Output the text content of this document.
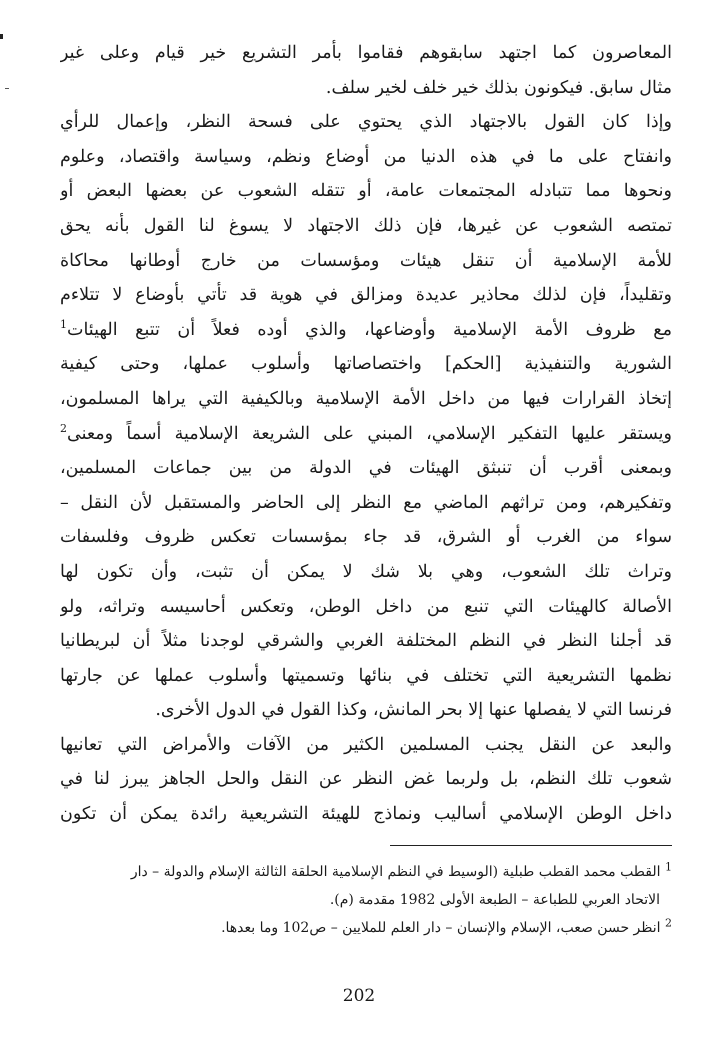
المعاصرون كما اجتهد سابقوهم فقاموا بأمر التشريع خير قيام وعلى غير
مثال سابق. فيكونون بذلك خير خلف لخير سلف.
وإذا كان القول بالاجتهاد الذي يحتوي على فسحة النظر، وإعمال للرأي
وانفتاح على ما في هذه الدنيا من أوضاع ونظم، وسياسة واقتصاد، وعلوم
ونحوها مما تتبادله المجتمعات عامة، أو تتقله الشعوب عن بعضها البعض أو
تمتصه الشعوب عن غيرها، فإن ذلك الاجتهاد لا يسوغ لنا القول بأنه يحق
للأمة الإسلامية أن تنقل هيئات ومؤسسات من خارج أوطانها محاكاة
وتقليداً، فإن لذلك محاذير عديدة ومزالق في هوية قد تأتي بأوضاع لا تتلاءم
مع ظروف الأمة الإسلامية وأوضاعها، والذي أوده فعلاً أن تتبع الهيئات$^1$
الشورية والتنفيذية [الحكم] واختصاصاتها وأسلوب عملها، وحتى كيفية
إتخاذ القرارات فيها من داخل الأمة الإسلامية وبالكيفية التي يراها المسلمون،
ويستقر عليها التفكير الإسلامي، المبني على الشريعة الإسلامية أسماً ومعنى$^2$
وبمعنى أقرب أن تنبثق الهيئات في الدولة من بين جماعات المسلمين،
وتفكيرهم، ومن تراثهم الماضي مع النظر إلى الحاضر والمستقبل لأن النقل –
سواء من الغرب أو الشرق، قد جاء بمؤسسات تعكس ظروف وفلسفات
وتراث تلك الشعوب، وهي بلا شك لا يمكن أن تثبت، وأن تكون لها
الأصالة كالهيئات التي تنبع من داخل الوطن، وتعكس أحاسيسه وتراثه، ولو
قد أجلنا النظر في النظم المختلفة الغربي والشرقي لوجدنا مثلاً أن لبريطانيا
نظمها التشريعية التي تختلف في بنائها وتسميتها وأسلوب عملها عن جارتها
فرنسا التي لا يفصلها عنها إلا بحر المانش، وكذا القول في الدول الأخرى.
والبعد عن النقل يجنب المسلمين الكثير من الآفات والأمراض التي تعانيها
شعوب تلك النظم، بل ولربما غض النظر عن النقل والحل الجاهز يبرز لنا في
داخل الوطن الإسلامي أساليب ونماذج للهيئة التشريعية رائدة يمكن أن تكون
$^1$ القطب محمد القطب طبلية (الوسيط في النظم الإسلامية الحلقة الثالثة الإسلام والدولة – دار
الاتحاد العربي للطباعة – الطبعة الأولى 1982 مقدمة (م).
$^2$ انظر حسن صعب، الإسلام والإنسان – دار العلم للملايين – ص102 وما بعدها.
202
